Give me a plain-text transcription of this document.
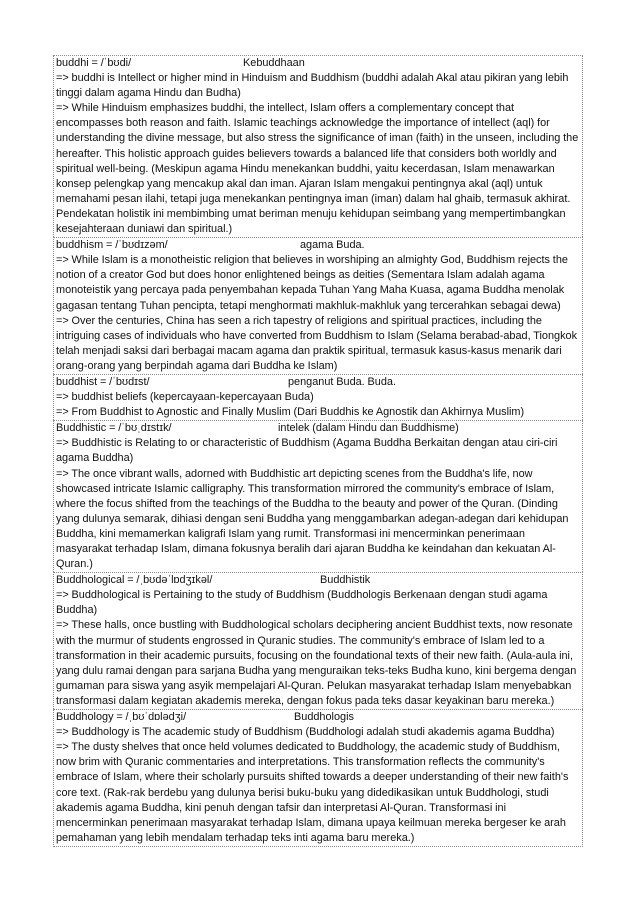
buddhi = /ˈbʊdi/	Kebuddhaan

=> buddhi is Intellect or higher mind in Hinduism and Buddhism (buddhi adalah Akal atau pikiran yang lebih tinggi dalam agama Hindu dan Budha)

=> While Hinduism emphasizes buddhi, the intellect, Islam offers a complementary concept that encompasses both reason and faith. Islamic teachings acknowledge the importance of intellect (aql) for understanding the divine message, but also stress the significance of iman (faith) in the unseen, including the hereafter. This holistic approach guides believers towards a balanced life that considers both worldly and spiritual well-being. (Meskipun agama Hindu menekankan buddhi, yaitu kecerdasan, Islam menawarkan konsep pelengkap yang mencakup akal dan iman. Ajaran Islam mengakui pentingnya akal (aql) untuk memahami pesan ilahi, tetapi juga menekankan pentingnya iman (iman) dalam hal ghaib, termasuk akhirat. Pendekatan holistik ini membimbing umat beriman menuju kehidupan seimbang yang mempertimbangkan kesejahteraan duniawi dan spiritual.)

buddhism = /ˈbʊdɪzəm/	agama Buda.

=> While Islam is a monotheistic religion that believes in worshiping an almighty God, Buddhism rejects the notion of a creator God but does honor enlightened beings as deities (Sementara Islam adalah agama monoteistik yang percaya pada penyembahan kepada Tuhan Yang Maha Kuasa, agama Buddha menolak gagasan tentang Tuhan pencipta, tetapi menghormati makhluk-makhluk yang tercerahkan sebagai dewa)

=> Over the centuries, China has seen a rich tapestry of religions and spiritual practices, including the intriguing cases of individuals who have converted from Buddhism to Islam (Selama berabad-abad, Tiongkok telah menjadi saksi dari berbagai macam agama dan praktik spiritual, termasuk kasus-kasus menarik dari orang-orang yang berpindah agama dari Buddha ke Islam)

buddhist = /ˈbʊdɪst/	penganut Buda. Buda.

=> buddhist beliefs (kepercayaan-kepercayaan Buda)

=> From Buddhist to Agnostic and Finally Muslim (Dari Buddhis ke Agnostik dan Akhirnya Muslim)

Buddhistic = /ˈbʊˌdɪstɪk/	intelek (dalam Hindu dan Buddhisme)

=> Buddhistic is Relating to or characteristic of Buddhism (Agama Buddha Berkaitan dengan atau ciri-ciri agama Buddha)

=> The once vibrant walls, adorned with Buddhistic art depicting scenes from the Buddha's life, now showcased intricate Islamic calligraphy. This transformation mirrored the community's embrace of Islam, where the focus shifted from the teachings of the Buddha to the beauty and power of the Quran. (Dinding yang dulunya semarak, dihiasi dengan seni Buddha yang menggambarkan adegan-adegan dari kehidupan Buddha, kini memamerkan kaligrafi Islam yang rumit. Transformasi ini mencerminkan penerimaan masyarakat terhadap Islam, dimana fokusnya beralih dari ajaran Buddha ke keindahan dan kekuatan Al-Quran.)

Buddhological = /ˌbʊdəˈlɒdʒɪkəl/	Buddhistik

=> Buddhological is Pertaining to the study of Buddhism (Buddhologis Berkenaan dengan studi agama Buddha)

=> These halls, once bustling with Buddhological scholars deciphering ancient Buddhist texts, now resonate with the murmur of students engrossed in Quranic studies. The community's embrace of Islam led to a transformation in their academic pursuits, focusing on the foundational texts of their new faith. (Aula-aula ini, yang dulu ramai dengan para sarjana Budha yang menguraikan teks-teks Budha kuno, kini bergema dengan gumaman para siswa yang asyik mempelajari Al-Quran. Pelukan masyarakat terhadap Islam menyebabkan transformasi dalam kegiatan akademis mereka, dengan fokus pada teks dasar keyakinan baru mereka.)

Buddhology = /ˌbʊˈdɒlədʒi/	Buddhologis

=> Buddhology is The academic study of Buddhism (Buddhologi adalah studi akademis agama Buddha)

=> The dusty shelves that once held volumes dedicated to Buddhology, the academic study of Buddhism, now brim with Quranic commentaries and interpretations. This transformation reflects the community's embrace of Islam, where their scholarly pursuits shifted towards a deeper understanding of their new faith's core text. (Rak-rak berdebu yang dulunya berisi buku-buku yang didedikasikan untuk Buddhologi, studi akademis agama Buddha, kini penuh dengan tafsir dan interpretasi Al-Quran. Transformasi ini mencerminkan penerimaan masyarakat terhadap Islam, dimana upaya keilmuan mereka bergeser ke arah pemahaman yang lebih mendalam terhadap teks inti agama baru mereka.)
